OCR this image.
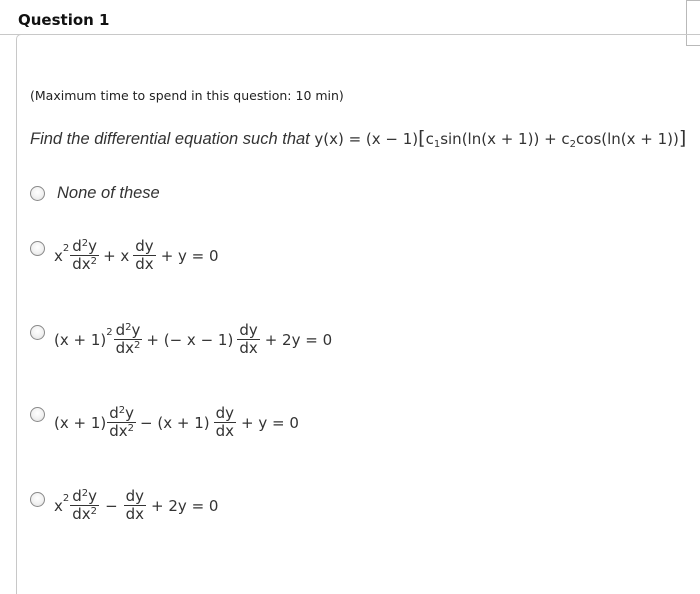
Question 1
(Maximum time to spend in this question: 10 min)
Find the differential equation such that $y(x) = (x - 1)[c_1\sin(\ln(x + 1)) + c_2\cos(\ln(x + 1))]$
None of these
x $2 \frac{d^2y}{dx^2} + x \frac{dy}{dx} + y = 0$
(x + 1) $2 \frac{d^2y}{dx^2}$ + (− $x - 1) \frac{dy}{dx} + 2y = 0$
$(x + 1) \frac{d^2y}{dx^2} - (x + 1) \frac{dy}{dx} + y = 0$
x $2 \frac{d^2y}{dx^2} - \frac{dy}{dx} + 2y = 0$
